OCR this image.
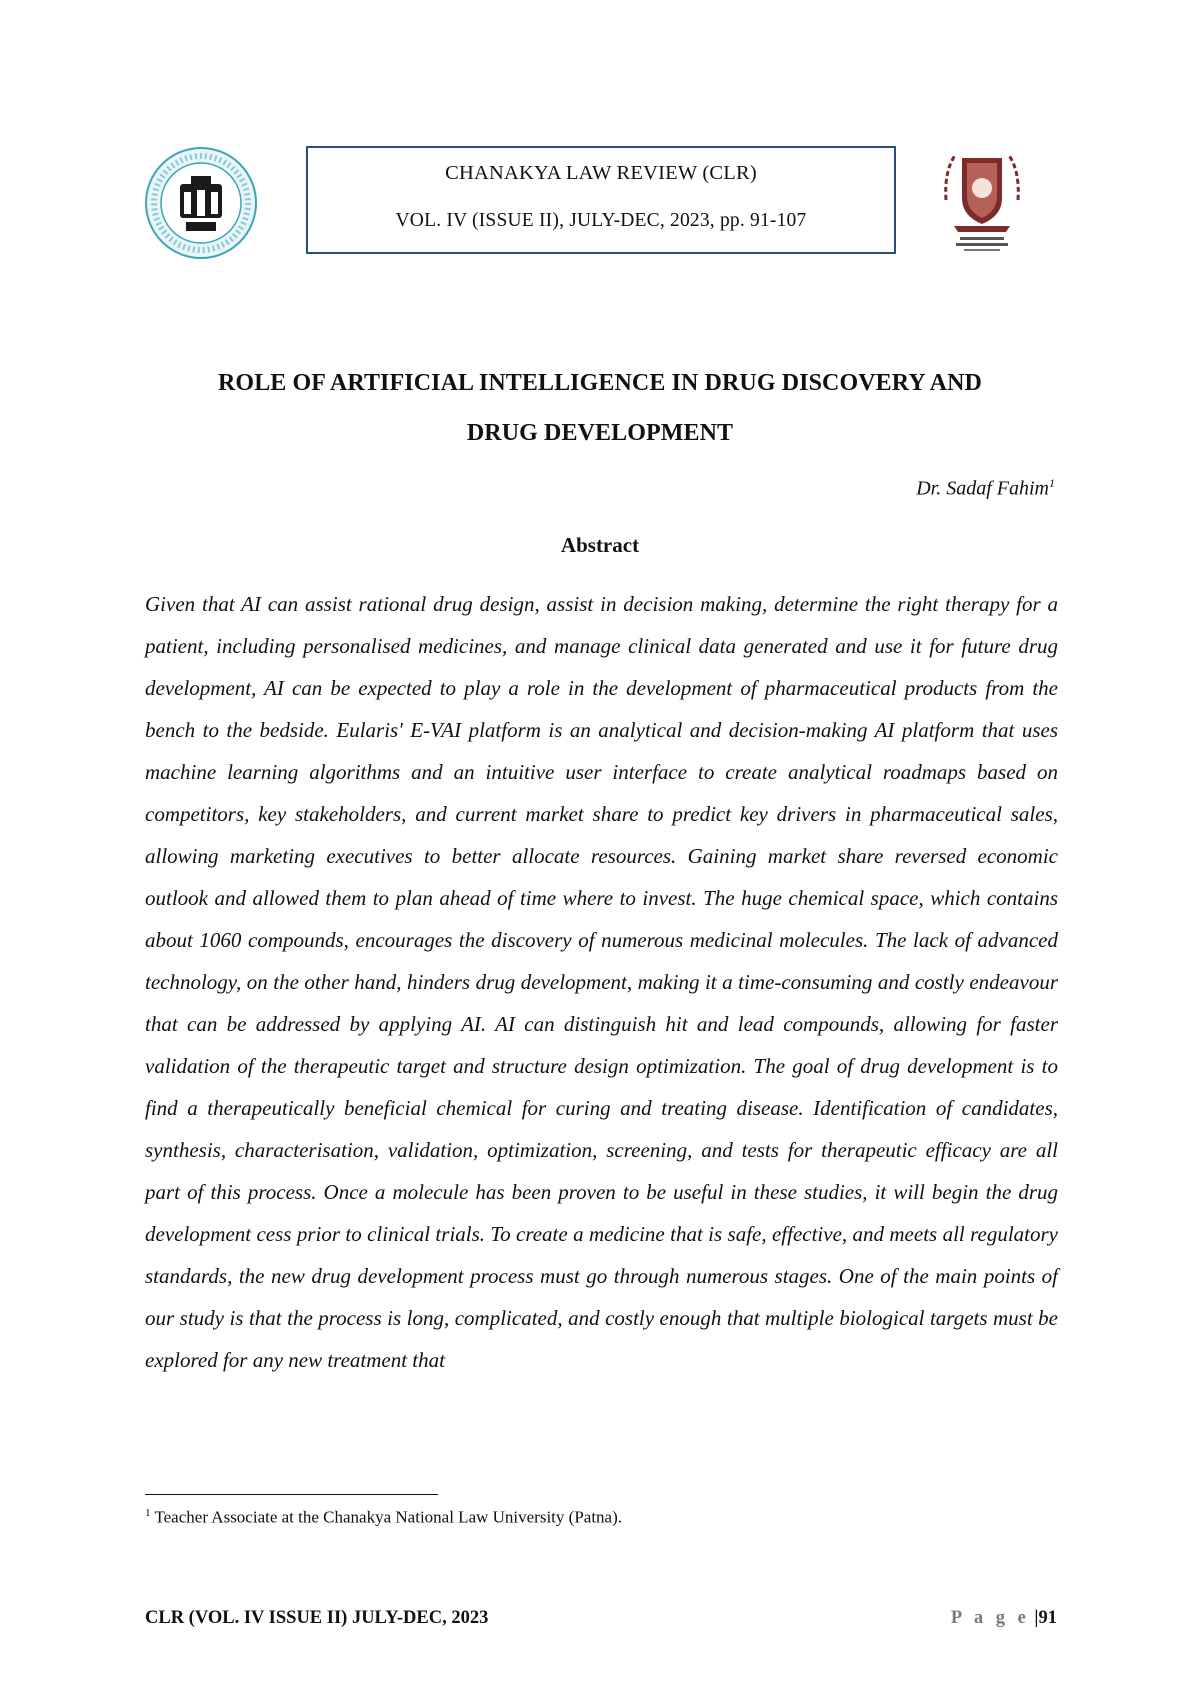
CHANAKYA LAW REVIEW (CLR)
VOL. IV (ISSUE II), JULY-DEC, 2023, pp. 91-107
ROLE OF ARTIFICIAL INTELLIGENCE IN DRUG DISCOVERY AND
DRUG DEVELOPMENT
Dr. Sadaf Fahim$^1$
Abstract

Given that AI can assist rational drug design, assist in decision making, determine the right therapy for a patient, including personalised medicines, and manage clinical data generated and use it for future drug development, AI can be expected to play a role in the development of pharmaceutical products from the bench to the bedside. Eularis' E-VAI platform is an analytical and decision-making AI platform that uses machine learning algorithms and an intuitive user interface to create analytical roadmaps based on competitors, key stakeholders, and current market share to predict key drivers in pharmaceutical sales, allowing marketing executives to better allocate resources. Gaining market share reversed economic outlook and allowed them to plan ahead of time where to invest. The huge chemical space, which contains about 1060 compounds, encourages the discovery of numerous medicinal molecules. The lack of advanced technology, on the other hand, hinders drug development, making it a time-consuming and costly endeavour that can be addressed by applying AI. AI can distinguish hit and lead compounds, allowing for faster validation of the therapeutic target and structure design optimization. The goal of drug development is to find a therapeutically beneficial chemical for curing and treating disease. Identification of candidates, synthesis, characterisation, validation, optimization, screening, and tests for therapeutic efficacy are all part of this process. Once a molecule has been proven to be useful in these studies, it will begin the drug development cess prior to clinical trials. To create a medicine that is safe, effective, and meets all regulatory standards, the new drug development process must go through numerous stages. One of the main points of our study is that the process is long, complicated, and costly enough that multiple biological targets must be explored for any new treatment that

$^1$ Teacher Associate at the Chanakya National Law University (Patna).
CLR (VOL. IV ISSUE II) JULY-DEC, 2023	P a g e |91
